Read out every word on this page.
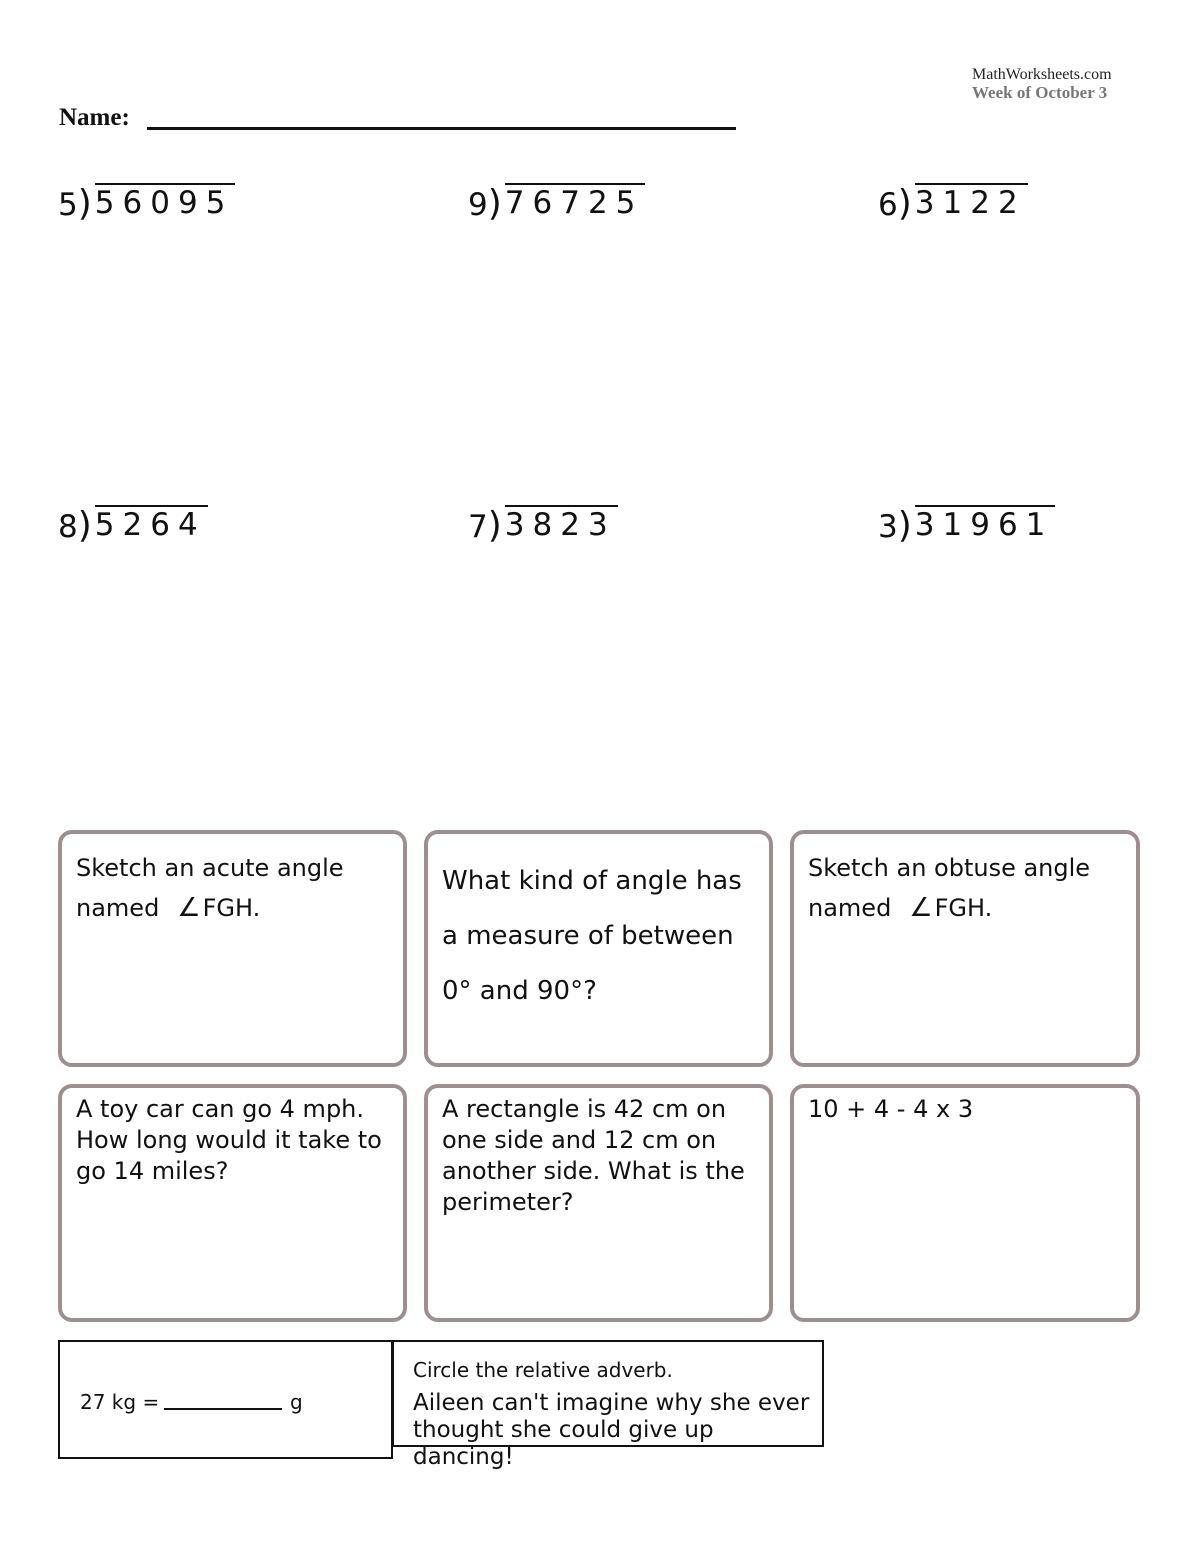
MathWorksheets.com
Week of October 3
Name:
5)56095	9)76725	6)3122
8)5264	7)3823	3)31961
Sketch an acute angle
named ∠FGH.
What kind of angle has
a measure of between
0° and 90°?
Sketch an obtuse angle
named ∠FGH.
A toy car can go 4 mph. How long would it take to go 14 miles?
A rectangle is 42 cm on one side and 12 cm on another side. What is the perimeter?
10 + 4 - 4 x 3
27 kg =	g
Circle the relative adverb.
Aileen can't imagine why she ever thought she could give up dancing!
